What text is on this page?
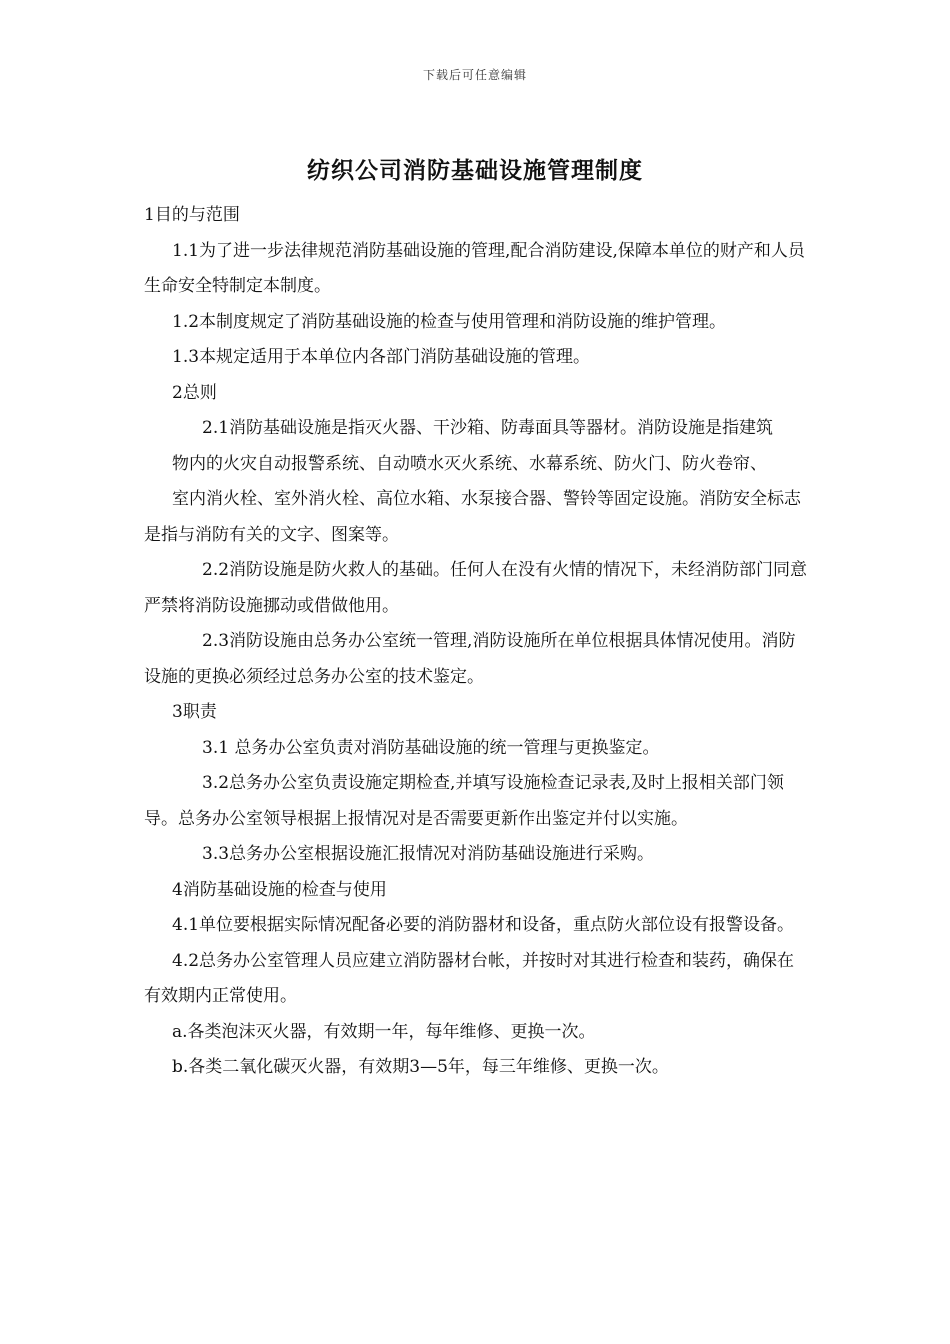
下载后可任意编辑
纺织公司消防基础设施管理制度

1目的与范围

1.1为了进一步法律规范消防基础设施的管理,配合消防建设,保障本单位的财产和人员生命安全特制定本制度。

1.2本制度规定了消防基础设施的检查与使用管理和消防设施的维护管理。

1.3本规定适用于本单位内各部门消防基础设施的管理。

2总则

2.1消防基础设施是指灭火器、干沙箱、防毒面具等器材。消防设施是指建筑

物内的火灾自动报警系统、自动喷水灭火系统、水幕系统、防火门、防火卷帘、

室内消火栓、室外消火栓、高位水箱、水泵接合器、警铃等固定设施。消防安全标志是指与消防有关的文字、图案等。

2.2消防设施是防火救人的基础。任何人在没有火情的情况下，未经消防部门同意严禁将消防设施挪动或借做他用。

2.3消防设施由总务办公室统一管理,消防设施所在单位根据具体情况使用。消防设施的更换必须经过总务办公室的技术鉴定。

3职责

3.1 总务办公室负责对消防基础设施的统一管理与更换鉴定。

3.2总务办公室负责设施定期检查,并填写设施检查记录表,及时上报相关部门领导。总务办公室领导根据上报情况对是否需要更新作出鉴定并付以实施。

3.3总务办公室根据设施汇报情况对消防基础设施进行采购。

4消防基础设施的检查与使用

4.1单位要根据实际情况配备必要的消防器材和设备，重点防火部位设有报警设备。

4.2总务办公室管理人员应建立消防器材台帐，并按时对其进行检查和装药，确保在有效期内正常使用。

a.各类泡沫灭火器，有效期一年，每年维修、更换一次。

b.各类二氧化碳灭火器，有效期3—5年，每三年维修、更换一次。
